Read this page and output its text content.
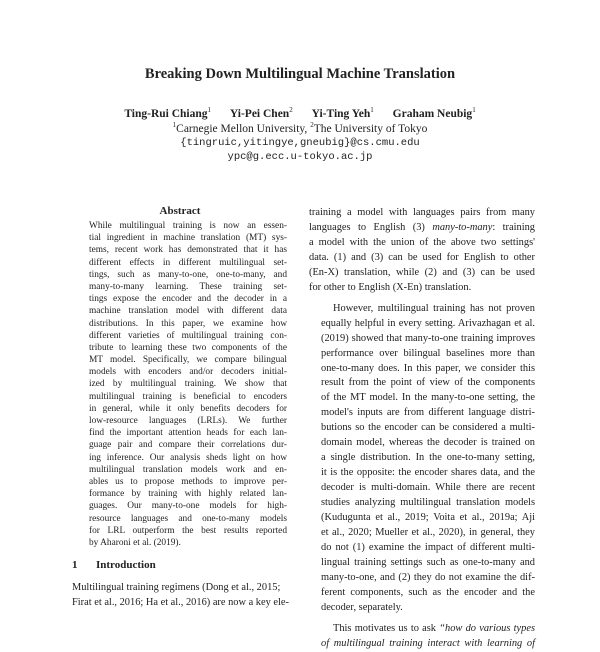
Breaking Down Multilingual Machine Translation
Ting-Rui Chiang$^1$ Yi-Pei Chen$^2$ Yi-Ting Yeh$^1$ Graham Neubig$^1$
$^1$Carnegie Mellon University, $^2$The University of Tokyo
{tingruic,yitingye,gneubig}@cs.cmu.edu
ypc@g.ecc.u-tokyo.ac.jp
Abstract
While multilingual training is now an essen-
tial ingredient in machine translation (MT) sys-
tems, recent work has demonstrated that it has
different effects in different multilingual set-
tings, such as many-to-one, one-to-many, and
many-to-many learning. These training set-
tings expose the encoder and the decoder in a
machine translation model with different data
distributions. In this paper, we examine how
different varieties of multilingual training con-
tribute to learning these two components of the
MT model. Specifically, we compare bilingual
models with encoders and/or decoders initial-
ized by multilingual training. We show that
multilingual training is beneficial to encoders
in general, while it only benefits decoders for
low-resource languages (LRLs). We further
find the important attention heads for each lan-
guage pair and compare their correlations dur-
ing inference. Our analysis sheds light on how
multilingual translation models work and en-
ables us to propose methods to improve per-
formance by training with highly related lan-
guages. Our many-to-one models for high-
resource languages and one-to-many models
for LRL outperform the best results reported
by Aharoni et al. (2019).
1 Introduction
Multilingual training regimens (Dong et al., 2015;
Firat et al., 2016; Ha et al., 2016) are now a key ele-

training a model with languages pairs from many
languages to English (3) many-to-many: training
a model with the union of the above two settings'
data. (1) and (3) can be used for English to other
(En-X) translation, while (2) and (3) can be used
for other to English (X-En) translation.

However, multilingual training has not proven
equally helpful in every setting. Arivazhagan et al.
(2019) showed that many-to-one training improves
performance over bilingual baselines more than
one-to-many does. In this paper, we consider this
result from the point of view of the components
of the MT model. In the many-to-one setting, the
model's inputs are from different language distri-
butions so the encoder can be considered a multi-
domain model, whereas the decoder is trained on
a single distribution. In the one-to-many setting,
it is the opposite: the encoder shares data, and the
decoder is multi-domain. While there are recent
studies analyzing multilingual translation models
(Kudugunta et al., 2019; Voita et al., 2019a; Aji
et al., 2020; Mueller et al., 2020), in general, they
do not (1) examine the impact of different multi-
lingual training settings such as one-to-many and
many-to-one, and (2) they do not examine the dif-
ferent components, such as the encoder and the
decoder, separately.

This motivates us to ask “how do various types
of multilingual training interact with learning of
